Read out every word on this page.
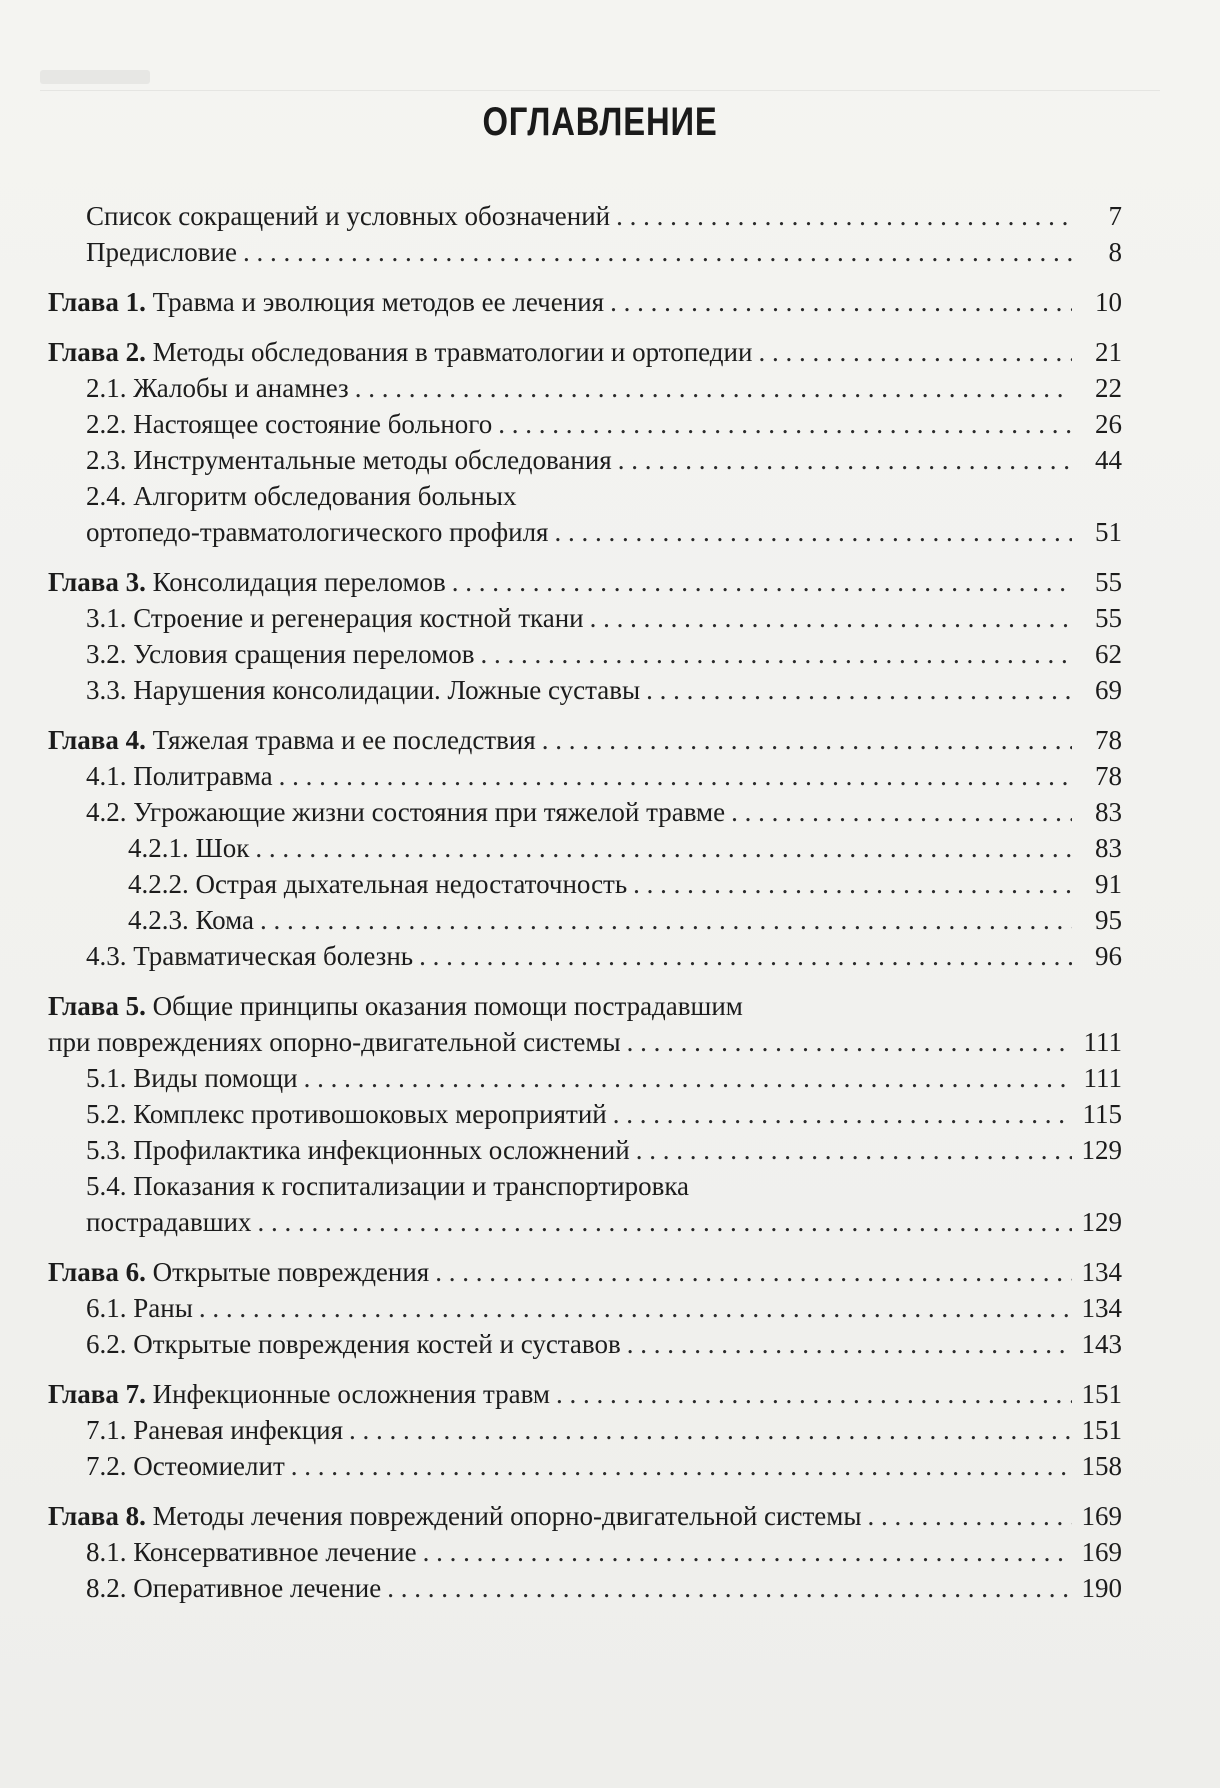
ОГЛАВЛЕНИЕ
Список сокращений и условных обозначений . . .	7
Предисловие . . .	8
Глава 1. Травма и эволюция методов ее лечения . . .	10
Глава 2. Методы обследования в травматологии и ортопедии . . .	21
2.1. Жалобы и анамнез . . .	22
2.2. Настоящее состояние больного . . .	26
2.3. Инструментальные методы обследования . . .	44
2.4. Алгоритм обследования больных
ортопедо-травматологического профиля . . .	51
Глава 3. Консолидация переломов . . .	55
3.1. Строение и регенерация костной ткани . . .	55
3.2. Условия сращения переломов . . .	62
3.3. Нарушения консолидации. Ложные суставы . . .	69
Глава 4. Тяжелая травма и ее последствия . . .	78
4.1. Политравма . . .	78
4.2. Угрожающие жизни состояния при тяжелой травме . . .	83
4.2.1. Шок . . .	83
4.2.2. Острая дыхательная недостаточность . . .	91
4.2.3. Кома . . .	95
4.3. Травматическая болезнь . . .	96
Глава 5. Общие принципы оказания помощи пострадавшим
при повреждениях опорно-двигательной системы . . .	111
5.1. Виды помощи . . .	111
5.2. Комплекс противошоковых мероприятий . . .	115
5.3. Профилактика инфекционных осложнений . . .	129
5.4. Показания к госпитализации и транспортировка
пострадавших . . .	129
Глава 6. Открытые повреждения . . .	134
6.1. Раны . . .	134
6.2. Открытые повреждения костей и суставов . . .	143
Глава 7. Инфекционные осложнения травм . . .	151
7.1. Раневая инфекция . . .	151
7.2. Остеомиелит . . .	158
Глава 8. Методы лечения повреждений опорно-двигательной системы . . .	169
8.1. Консервативное лечение . . .	169
8.2. Оперативное лечение . . .	190
